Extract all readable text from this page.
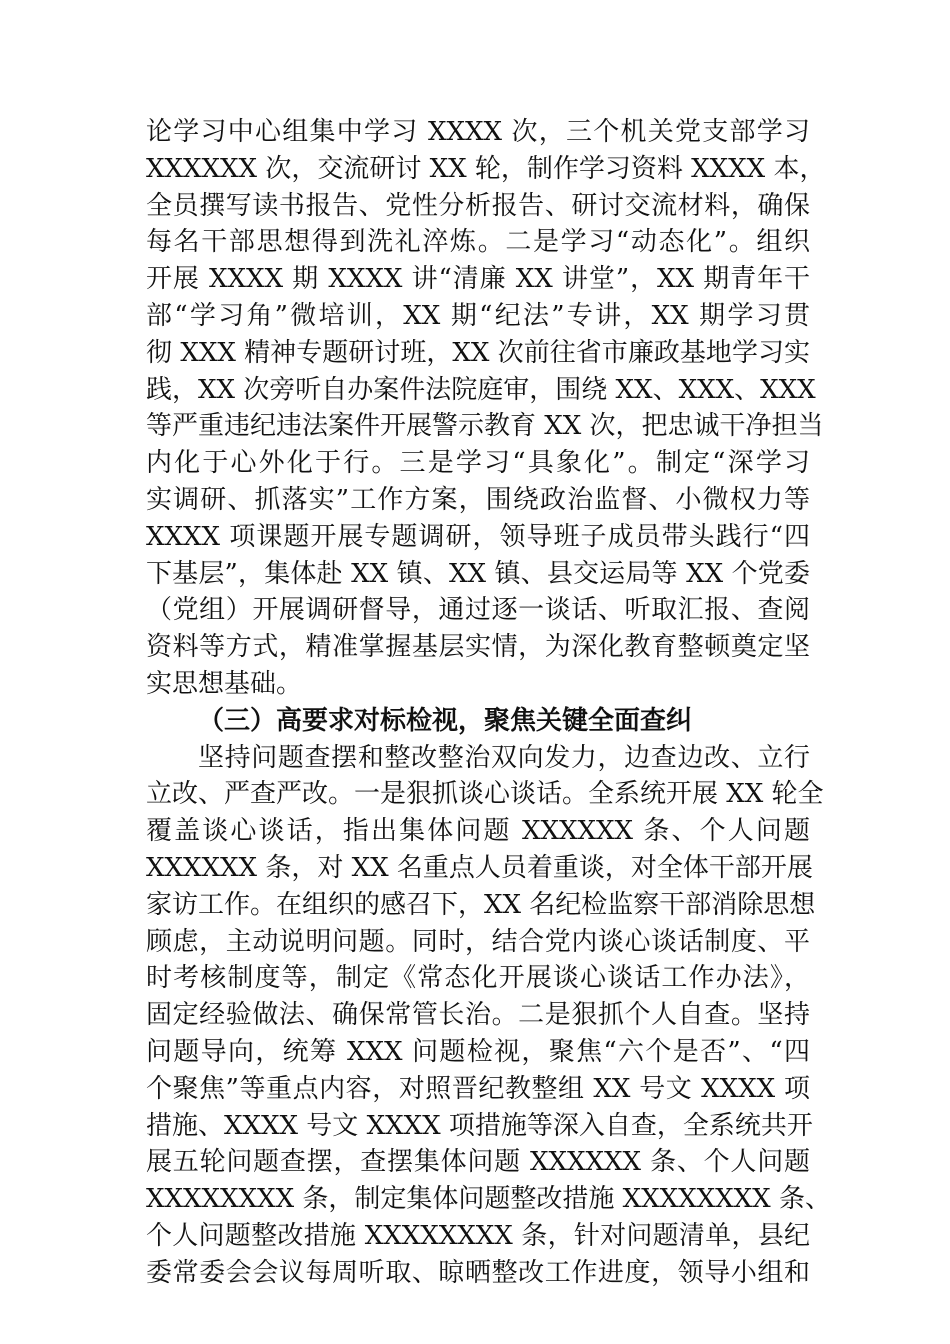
论学习中心组集中学习 XXXX 次，三个机关党支部学习
XXXXXX 次，交流研讨 XX 轮，制作学习资料 XXXX 本，
全员撰写读书报告、党性分析报告、研讨交流材料，确保
每名干部思想得到洗礼淬炼。二是学习“动态化”。组织
开展 XXXX 期 XXXX 讲“清廉 XX 讲堂”，XX 期青年干
部“学习角”微培训，XX 期“纪法”专讲，XX 期学习贯
彻 XXX 精神专题研讨班，XX 次前往省市廉政基地学习实
践，XX 次旁听自办案件法院庭审，围绕 XX、XXX、XXX
等严重违纪违法案件开展警示教育 XX 次，把忠诚干净担当
内化于心外化于行。三是学习“具象化”。制定“深学习
实调研、抓落实”工作方案，围绕政治监督、小微权力等
XXXX 项课题开展专题调研，领导班子成员带头践行“四
下基层”，集体赴 XX 镇、XX 镇、县交运局等 XX 个党委
（党组）开展调研督导，通过逐一谈话、听取汇报、查阅
资料等方式，精准掌握基层实情，为深化教育整顿奠定坚
实思想基础。
（三）高要求对标检视，聚焦关键全面查纠
坚持问题查摆和整改整治双向发力，边查边改、立行
立改、严查严改。一是狠抓谈心谈话。全系统开展 XX 轮全
覆盖谈心谈话，指出集体问题 XXXXXX 条、个人问题
XXXXXX 条，对 XX 名重点人员着重谈，对全体干部开展
家访工作。在组织的感召下，XX 名纪检监察干部消除思想
顾虑，主动说明问题。同时，结合党内谈心谈话制度、平
时考核制度等，制定《常态化开展谈心谈话工作办法》，
固定经验做法、确保常管长治。二是狠抓个人自查。坚持
问题导向，统筹 XXX 问题检视，聚焦“六个是否”、“四
个聚焦”等重点内容，对照晋纪教整组 XX 号文 XXXX 项
措施、XXXX 号文 XXXX 项措施等深入自查，全系统共开
展五轮问题查摆，查摆集体问题 XXXXXX 条、个人问题
XXXXXXXX 条，制定集体问题整改措施 XXXXXXXX 条、
个人问题整改措施 XXXXXXXX 条，针对问题清单，县纪
委常委会会议每周听取、晾晒整改工作进度，领导小组和
